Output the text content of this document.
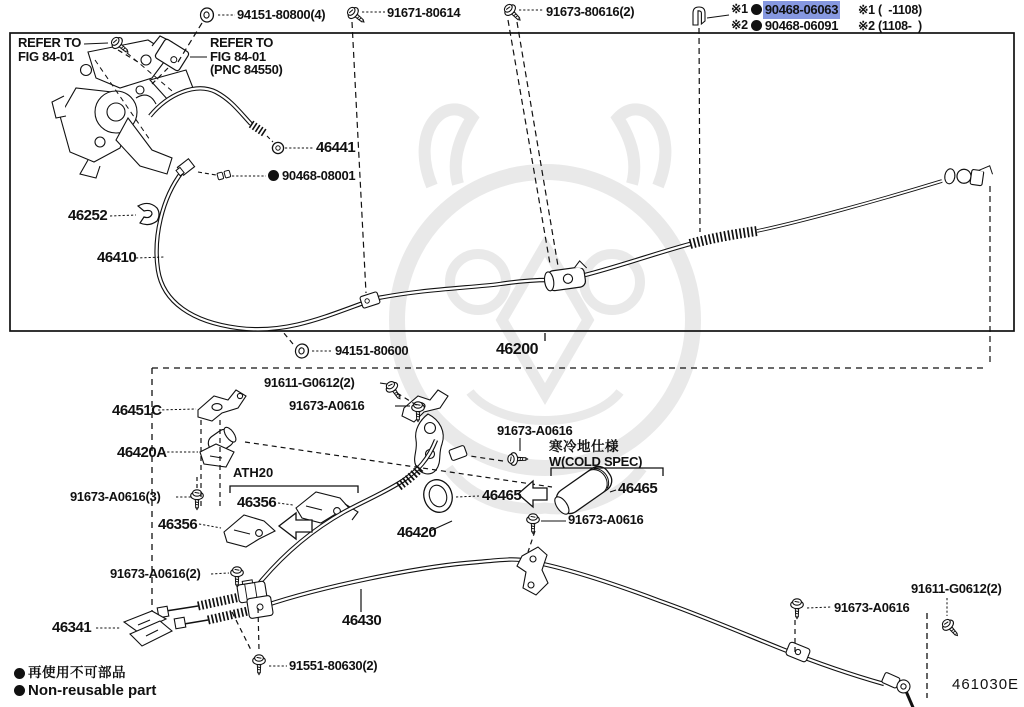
94151-80800(4)	91671-80614	91673-80616(2)	※1 90468-06063 ※1 (  -1108)
※2 90468-06091 ※2 (1108-  )
REFER TO
FIG 84-01
REFER TO
FIG 84-01
(PNC 84550)
46441
90468-08001
46252
46410
94151-80600	46200
91611-G0612(2)
91673-A0616
46451C
46420A
91673-A0616
寒冷地仕様
W(COLD SPEC)
91673-A0616(3)
ATH20
46356
46356
46465	46465
91673-A0616
46420
91673-A0616(2)
46341	46430
91551-80630(2)
91673-A0616
91611-G0612(2)
461030E
再使用不可部品
Non-reusable part
